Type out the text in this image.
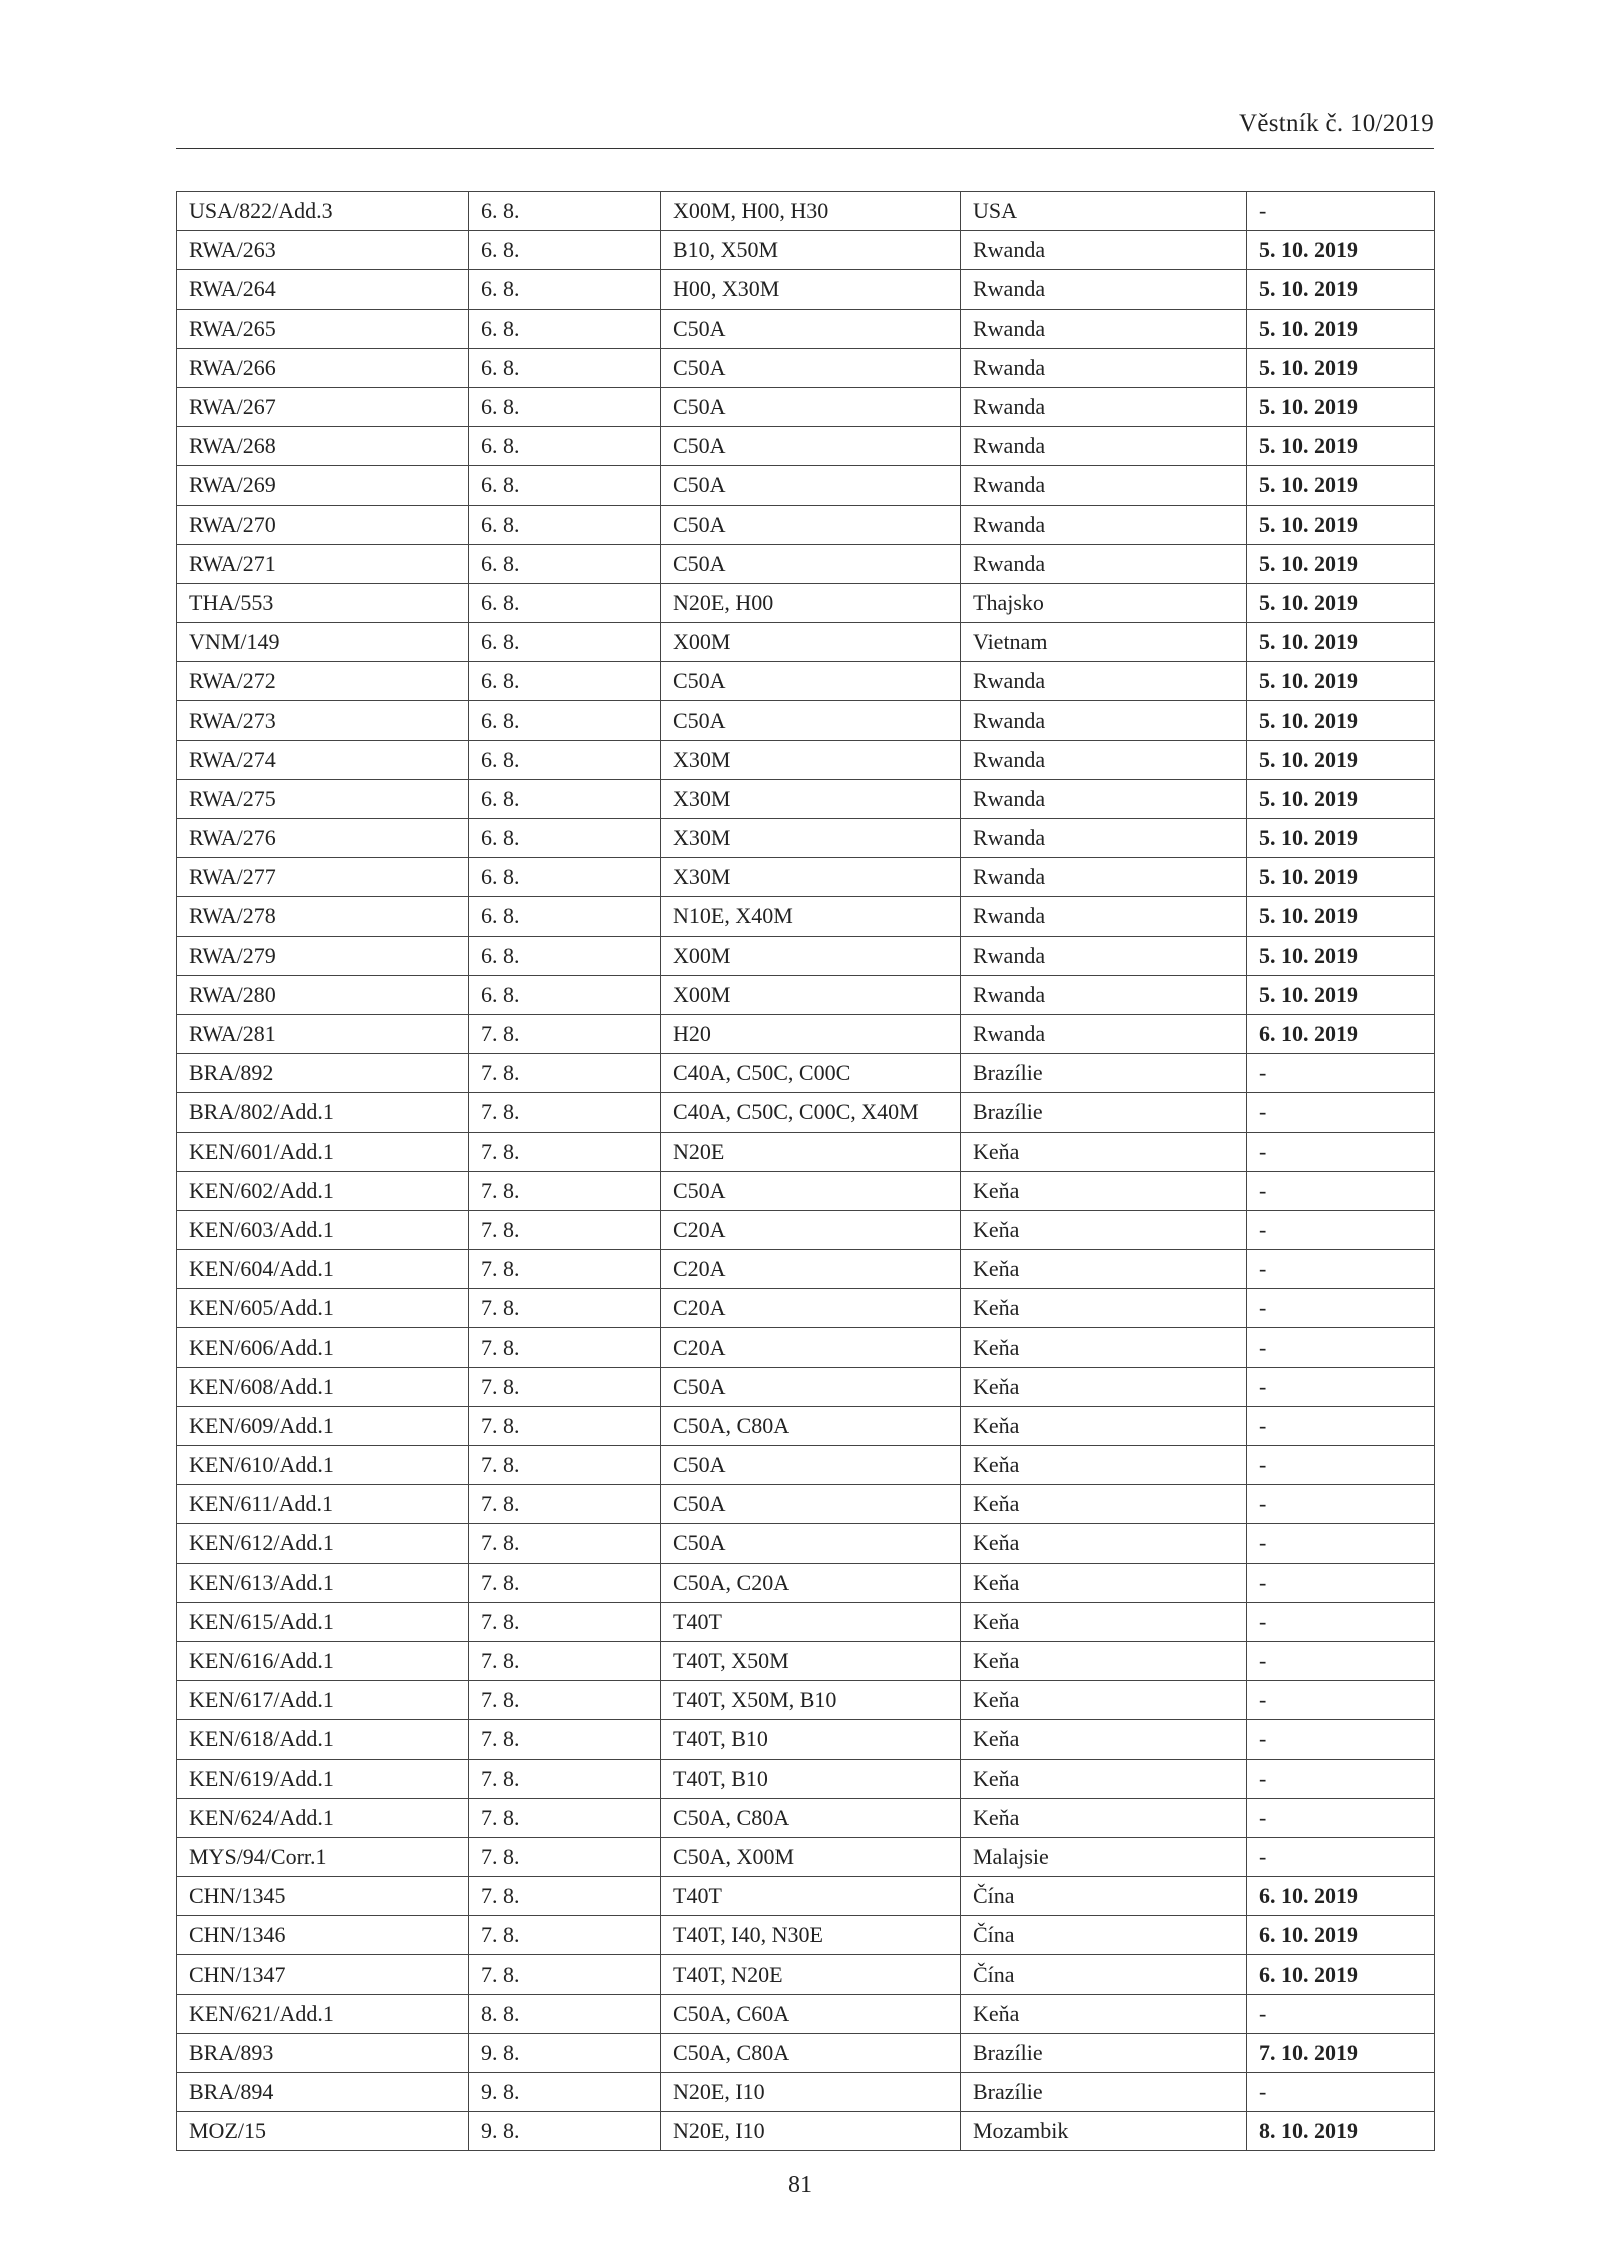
Věstník č. 10/2019
USA/822/Add.3	6. 8.	X00M, H00, H30	USA	-
RWA/263	6. 8.	B10, X50M	Rwanda	5. 10. 2019
RWA/264	6. 8.	H00, X30M	Rwanda	5. 10. 2019
RWA/265	6. 8.	C50A	Rwanda	5. 10. 2019
RWA/266	6. 8.	C50A	Rwanda	5. 10. 2019
RWA/267	6. 8.	C50A	Rwanda	5. 10. 2019
RWA/268	6. 8.	C50A	Rwanda	5. 10. 2019
RWA/269	6. 8.	C50A	Rwanda	5. 10. 2019
RWA/270	6. 8.	C50A	Rwanda	5. 10. 2019
RWA/271	6. 8.	C50A	Rwanda	5. 10. 2019
THA/553	6. 8.	N20E, H00	Thajsko	5. 10. 2019
VNM/149	6. 8.	X00M	Vietnam	5. 10. 2019
RWA/272	6. 8.	C50A	Rwanda	5. 10. 2019
RWA/273	6. 8.	C50A	Rwanda	5. 10. 2019
RWA/274	6. 8.	X30M	Rwanda	5. 10. 2019
RWA/275	6. 8.	X30M	Rwanda	5. 10. 2019
RWA/276	6. 8.	X30M	Rwanda	5. 10. 2019
RWA/277	6. 8.	X30M	Rwanda	5. 10. 2019
RWA/278	6. 8.	N10E, X40M	Rwanda	5. 10. 2019
RWA/279	6. 8.	X00M	Rwanda	5. 10. 2019
RWA/280	6. 8.	X00M	Rwanda	5. 10. 2019
RWA/281	7. 8.	H20	Rwanda	6. 10. 2019
BRA/892	7. 8.	C40A, C50C, C00C	Brazílie	-
BRA/802/Add.1	7. 8.	C40A, C50C, C00C, X40M	Brazílie	-
KEN/601/Add.1	7. 8.	N20E	Keňa	-
KEN/602/Add.1	7. 8.	C50A	Keňa	-
KEN/603/Add.1	7. 8.	C20A	Keňa	-
KEN/604/Add.1	7. 8.	C20A	Keňa	-
KEN/605/Add.1	7. 8.	C20A	Keňa	-
KEN/606/Add.1	7. 8.	C20A	Keňa	-
KEN/608/Add.1	7. 8.	C50A	Keňa	-
KEN/609/Add.1	7. 8.	C50A, C80A	Keňa	-
KEN/610/Add.1	7. 8.	C50A	Keňa	-
KEN/611/Add.1	7. 8.	C50A	Keňa	-
KEN/612/Add.1	7. 8.	C50A	Keňa	-
KEN/613/Add.1	7. 8.	C50A, C20A	Keňa	-
KEN/615/Add.1	7. 8.	T40T	Keňa	-
KEN/616/Add.1	7. 8.	T40T, X50M	Keňa	-
KEN/617/Add.1	7. 8.	T40T, X50M, B10	Keňa	-
KEN/618/Add.1	7. 8.	T40T, B10	Keňa	-
KEN/619/Add.1	7. 8.	T40T, B10	Keňa	-
KEN/624/Add.1	7. 8.	C50A, C80A	Keňa	-
MYS/94/Corr.1	7. 8.	C50A, X00M	Malajsie	-
CHN/1345	7. 8.	T40T	Čína	6. 10. 2019
CHN/1346	7. 8.	T40T, I40, N30E	Čína	6. 10. 2019
CHN/1347	7. 8.	T40T, N20E	Čína	6. 10. 2019
KEN/621/Add.1	8. 8.	C50A, C60A	Keňa	-
BRA/893	9. 8.	C50A, C80A	Brazílie	7. 10. 2019
BRA/894	9. 8.	N20E, I10	Brazílie	-
MOZ/15	9. 8.	N20E, I10	Mozambik	8. 10. 2019
81
